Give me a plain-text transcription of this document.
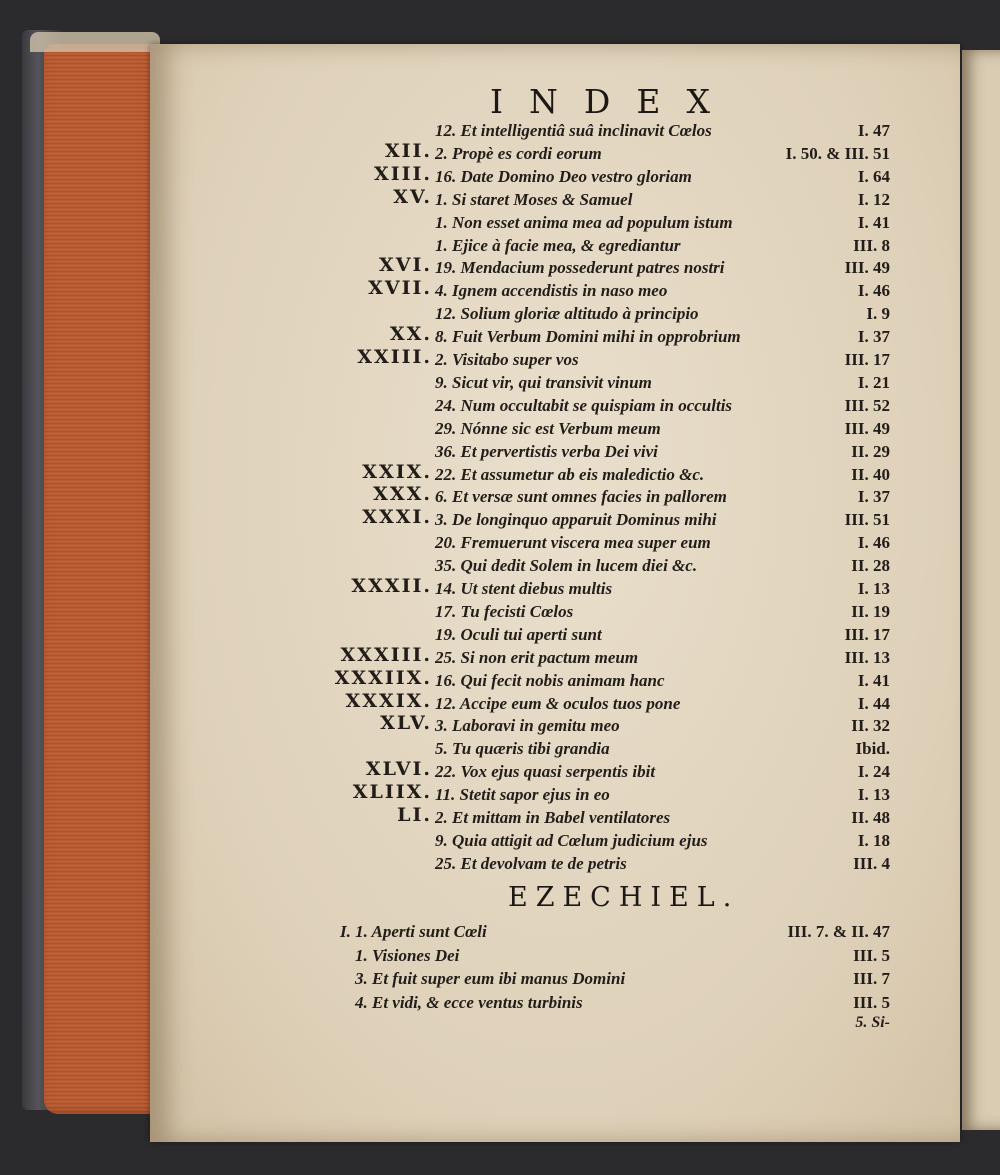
INDEX
12. Et intelligentiâ suâ inclinavit Cœlos	I. 47
XII. 2. Propè es cordi eorum	I. 50. & III. 51
XIII. 16. Date Domino Deo vestro gloriam	I. 64
XV. 1. Si staret Moses & Samuel	I. 12
1. Non esset anima mea ad populum istum	I. 41
1. Ejice à facie mea, & egrediantur	III. 8
XVI. 19. Mendacium possederunt patres nostri	III. 49
XVII. 4. Ignem accendistis in naso meo	I. 46
12. Solium gloriæ altitudo à principio	I. 9
XX. 8. Fuit Verbum Domini mihi in opprobrium	I. 37
XXIII. 2. Visitabo super vos	III. 17
9. Sicut vir, qui transivit vinum	I. 21
24. Num occultabit se quispiam in occultis	III. 52
29. Nónne sic est Verbum meum	III. 49
36. Et pervertistis verba Dei vivi	II. 29
XXIX. 22. Et assumetur ab eis maledictio &c.	II. 40
XXX. 6. Et versæ sunt omnes facies in pallorem	I. 37
XXXI. 3. De longinquo apparuit Dominus mihi	III. 51
20. Fremuerunt viscera mea super eum	I. 46
35. Qui dedit Solem in lucem diei &c.	II. 28
XXXII. 14. Ut stent diebus multis	I. 13
17. Tu fecisti Cœlos	II. 19
19. Oculi tui aperti sunt	III. 17
XXXIII. 25. Si non erit pactum meum	III. 13
XXXIIX. 16. Qui fecit nobis animam hanc	I. 41
XXXIX. 12. Accipe eum & oculos tuos pone	I. 44
XLV. 3. Laboravi in gemitu meo	II. 32
5. Tu quæris tibi grandia	Ibid.
XLVI. 22. Vox ejus quasi serpentis ibit	I. 24
XLIIX. 11. Stetit sapor ejus in eo	I. 13
LI. 2. Et mittam in Babel ventilatores	II. 48
9. Quia attigit ad Cœlum judicium ejus	I. 18
25. Et devolvam te de petris	III. 4
EZECHIEL.
I. 1. Aperti sunt Cœli	III. 7. & II. 47
1. Visiones Dei	III. 5
3. Et fuit super eum ibi manus Domini	III. 7
4. Et vidi, & ecce ventus turbinis	III. 5
5. Si-
